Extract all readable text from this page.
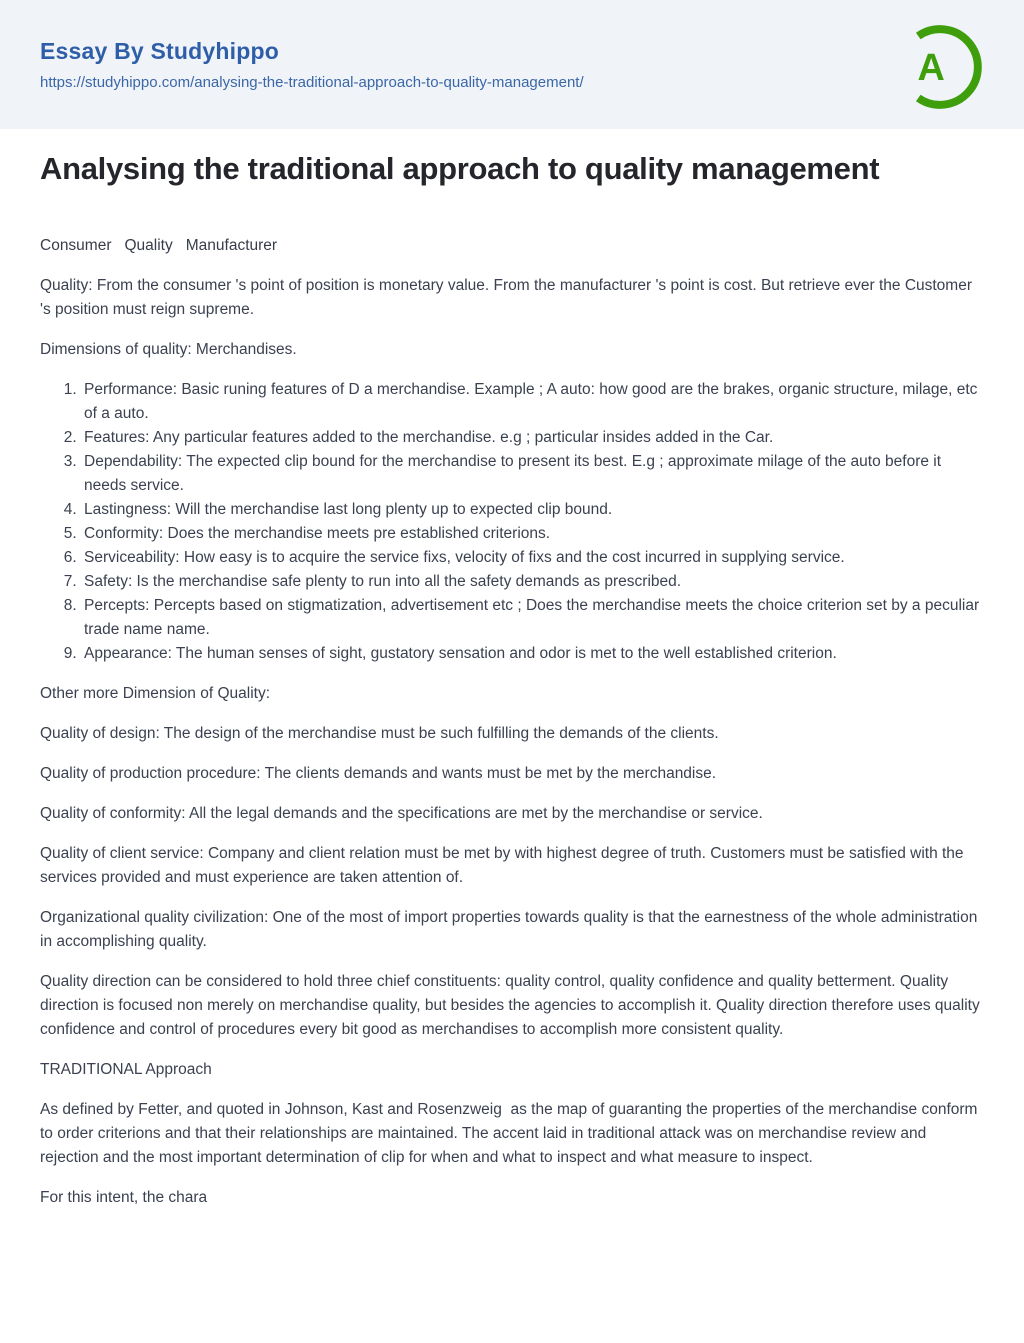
Essay By Studyhippo
https://studyhippo.com/analysing-the-traditional-approach-to-quality-management/	A
Analysing the traditional approach to quality management
Consumer Quality Manufacturer

Quality: From the consumer 's point of position is monetary value. From the manufacturer 's point is cost. But retrieve ever the Customer 's position must reign supreme.

Dimensions of quality: Merchandises.

1. Performance: Basic runing features of D a merchandise. Example ; A auto: how good are the brakes, organic structure, milage, etc of a auto.
2. Features: Any particular features added to the merchandise. e.g ; particular insides added in the Car.
3. Dependability: The expected clip bound for the merchandise to present its best. E.g ; approximate milage of the auto before it needs service.
4. Lastingness: Will the merchandise last long plenty up to expected clip bound.
5. Conformity: Does the merchandise meets pre established criterions.
6. Serviceability: How easy is to acquire the service fixs, velocity of fixs and the cost incurred in supplying service.
7. Safety: Is the merchandise safe plenty to run into all the safety demands as prescribed.
8. Percepts: Percepts based on stigmatization, advertisement etc ; Does the merchandise meets the choice criterion set by a peculiar trade name name.
9. Appearance: The human senses of sight, gustatory sensation and odor is met to the well established criterion.

Other more Dimension of Quality:

Quality of design: The design of the merchandise must be such fulfilling the demands of the clients.

Quality of production procedure: The clients demands and wants must be met by the merchandise.

Quality of conformity: All the legal demands and the specifications are met by the merchandise or service.

Quality of client service: Company and client relation must be met by with highest degree of truth. Customers must be satisfied with the services provided and must experience are taken attention of.

Organizational quality civilization: One of the most of import properties towards quality is that the earnestness of the whole administration in accomplishing quality.

Quality direction can be considered to hold three chief constituents: quality control, quality confidence and quality betterment. Quality direction is focused non merely on merchandise quality, but besides the agencies to accomplish it. Quality direction therefore uses quality confidence and control of procedures every bit good as merchandises to accomplish more consistent quality.

TRADITIONAL Approach

As defined by Fetter, and quoted in Johnson, Kast and Rosenzweig  as the map of guaranting the properties of the merchandise conform to order criterions and that their relationships are maintained. The accent laid in traditional attack was on merchandise review and rejection and the most important determination of clip for when and what to inspect and what measure to inspect.

For this intent, the chara
